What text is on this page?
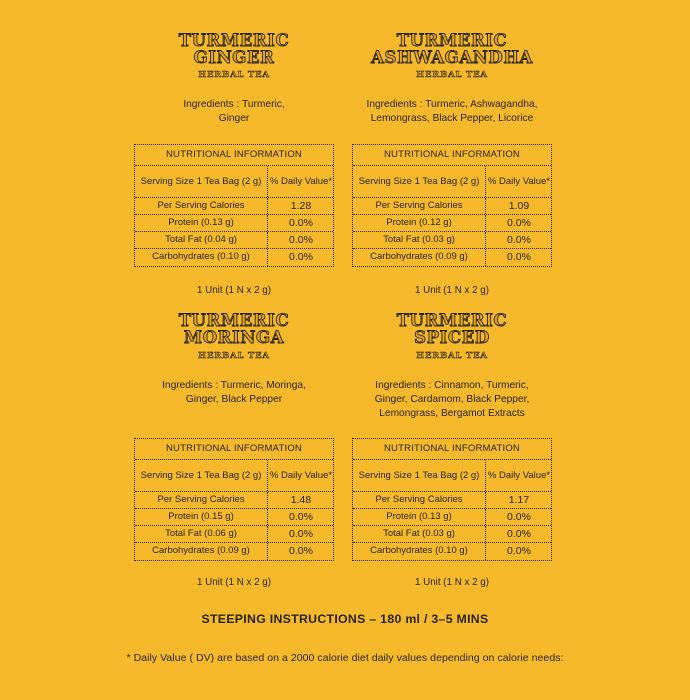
TURMERIC
GINGER
HERBAL TEA
Ingredients : Turmeric,
Ginger
NUTRITIONAL INFORMATION
Serving Size 1 Tea Bag (2 g) % Daily Value*
Per Serving Calories	1.28
Protein (0.13 g)	0.0%
Total Fat (0.04 g)	0.0%
Carbohydrates (0.10 g)	0.0%
1 Unit (1 N x 2 g)
TURMERIC
ASHWAGANDHA
HERBAL TEA
Ingredients : Turmeric, Ashwagandha,
Lemongrass, Black Pepper, Licorice
NUTRITIONAL INFORMATION
Serving Size 1 Tea Bag (2 g) % Daily Value*
Per Serving Calories	1.09
Protein (0.12 g)	0.0%
Total Fat (0.03 g)	0.0%
Carbohydrates (0.09 g)	0.0%
1 Unit (1 N x 2 g)
TURMERIC
MORINGA
HERBAL TEA
Ingredients : Turmeric, Moringa,
Ginger, Black Pepper
NUTRITIONAL INFORMATION
Serving Size 1 Tea Bag (2 g) % Daily Value*
Per Serving Calories	1.48
Protein (0.15 g)	0.0%
Total Fat (0.06 g)	0.0%
Carbohydrates (0.09 g)	0.0%
1 Unit (1 N x 2 g)
TURMERIC
SPICED
HERBAL TEA
Ingredients : Cinnamon, Turmeric,
Ginger, Cardamom, Black Pepper,
Lemongrass, Bergamot Extracts
NUTRITIONAL INFORMATION
Serving Size 1 Tea Bag (2 g) % Daily Value*
Per Serving Calories	1.17
Protein (0.13 g)	0.0%
Total Fat (0.03 g)	0.0%
Carbohydrates (0.10 g)	0.0%
1 Unit (1 N x 2 g)
STEEPING INSTRUCTIONS – 180 ml / 3–5 MINS
* Daily Value ( DV) are based on a 2000 calorie diet daily values depending on calorie needs:
